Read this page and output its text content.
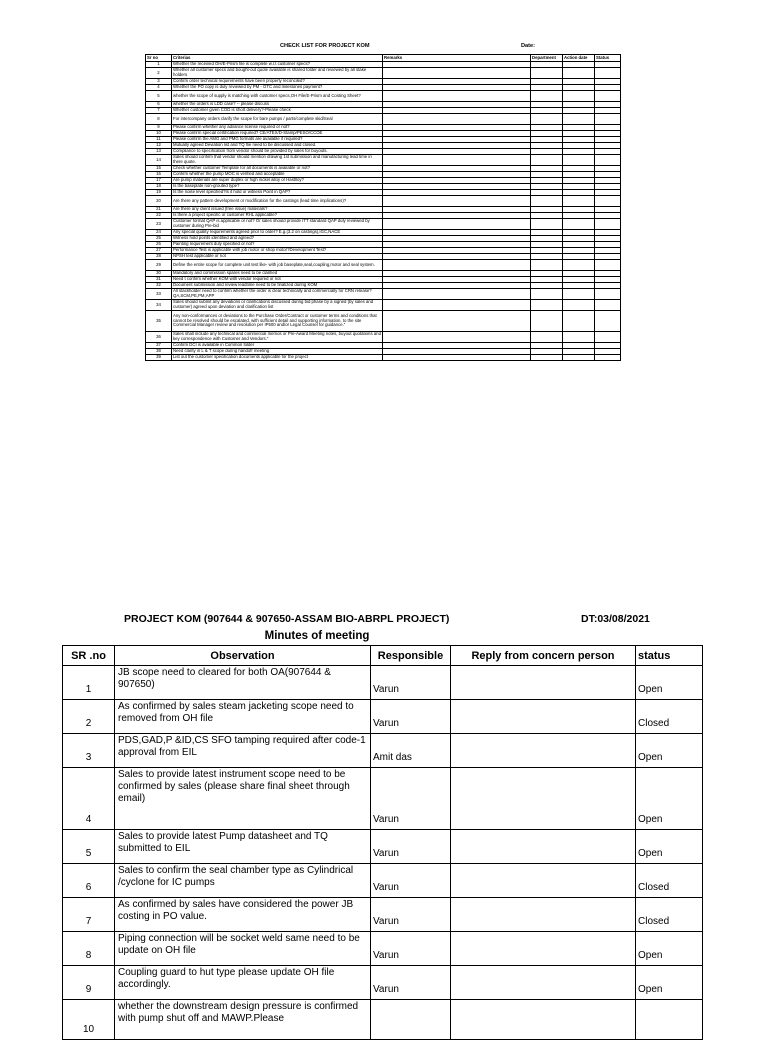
CHECK LIST FOR PROJECT KOM	Date:
Sr no	Criterias	Remarks	Department	Action date	Status
1	Whether the received OH/E-Prism file is complete w.r.t customer specs?				
2	Whether all customer specs and bought-out quote available is shared folder and reviewed by all stake holders				
3	Confirm order technical requirements have been properly reconciled?				
4	Whether the PO copy is duly reviewed by PM - GTC and milestones payment?				
5	whether the scope of supply is matching with customer specs,OH File/E-Prism and Costing Sheet?				
6	whether the orders is LDD case? -- please discuss				
7	Whether customer given COD is short delivery?-Please check				
8	For intercompany orders clarify the scope for bare pumps / parts/complete skid/Seal				
9	Please confirm whether any advance license required or not?				
10	Please confirm special certification required? CE/ATEX/D-Stamp/PESO/CCOE				
11	Please confirm the AMG and PMG formats are available if required?				
12	Mutually agreed Deviation list and TQ flie need to be discussed and closed.				
13	Compliance to specification from vendor should be provided by sales for buyouts.				
14	Sales should confirm that vendor should mention drawing 1st submission and manufacturing lead time in there quote.				
15	Check whether customer Template for all documents is available or not?				
16	Confirm whether the pump MOC is verified and acceptable				
17	Are pump materials are super duplex or high nickel alloy or Hastlloy?				
18	Is the baseplate non-grouted type?				
19	Is the noise level specified?Is it hold or witness Point in QAP?				
20	Are there any pattern development or modification for the castings (lead time implications)?				
21	Are there any client issued (free issue) materials?				
22	Is there a project specific or customer RHL applicable?				
23	Customer format QAP is applicable or not? Or sales should provide ITT standard QAP duly reviewed by customer during Pre-bid				
24	Any special quality requirements agreed prior to order? E.g.(3.2 on castings),IGC,NACE				
25	Witness hold points identified and agreed?				
26	Painting requirement duly specified or not?				
27	Performance Test is applicable with job motor or shop motor?Development Test?				
28	NPSH test applicable or not				
29	Define the entire scope for complete unit test like- with job baseplate,seal,coupling,motor and seal system.				
30	Mandatory and commission spares need to be clarified				
31	Need t confirm whether KOM with vendor required or not				
32	Document submission and review leadtime need to be finalized during KOM				
33	All stackholder need to confirm whether the order is clear technically and commercially for CRN release?QA,SCM,PE,PM,APP				
34	Sales should submit any deviations or clarifications discussed during bid phase by a signed (by sales and customer) agreed upon deviation and clarification list				
35	Any non-conformances or deviations to the Purchase Order/Contract or customer terms and conditions that cannot be resolved should be escalated, with sufficient detail and supporting information, to the site Commercial Manager review and resolution per IP500 and/or Legal Counsel for guidance."				
36	Sales shall include any technical and commercial memos or Pre-Award Meeting notes, buyout quotations and key correspondence with Customer and Vendors."				
37	Confirm DCI is available in Common folder				
38	Need clarity in L & T scope during handoff meeting				
39	List out the customer specification documents applicable for the project				
PROJECT KOM (907644 & 907650-ASSAM BIO-ABRPL PROJECT)	DT:03/08/2021
Minutes of meeting
SR .no	Observation	Responsible	Reply from concern person	status
1	JB scope need to cleared for both OA(907644 & 907650)	Varun		Open
2	As confirmed by sales steam jacketing scope need to removed from OH file	Varun		Closed
3	PDS,GAD,P &ID,CS SFO tamping required after code-1 approval from EIL	Amit das		Open
4	Sales to provide latest instrument scope need to be confirmed by sales (please share final sheet through email)	Varun		Open
5	Sales to provide latest Pump datasheet and TQ submitted to EIL	Varun		Open
6	Sales to confirm the seal chamber type as Cylindrical /cyclone for IC pumps	Varun		Closed
7	As confirmed by sales have considered the power JB costing in PO value.	Varun		Closed
8	Piping connection will be socket weld same need to be update on OH file	Varun		Open
9	Coupling guard to hut type please update OH file accordingly.	Varun		Open
10	whether the downstream design pressure is confirmed with pump shut off and MAWP.Please			
